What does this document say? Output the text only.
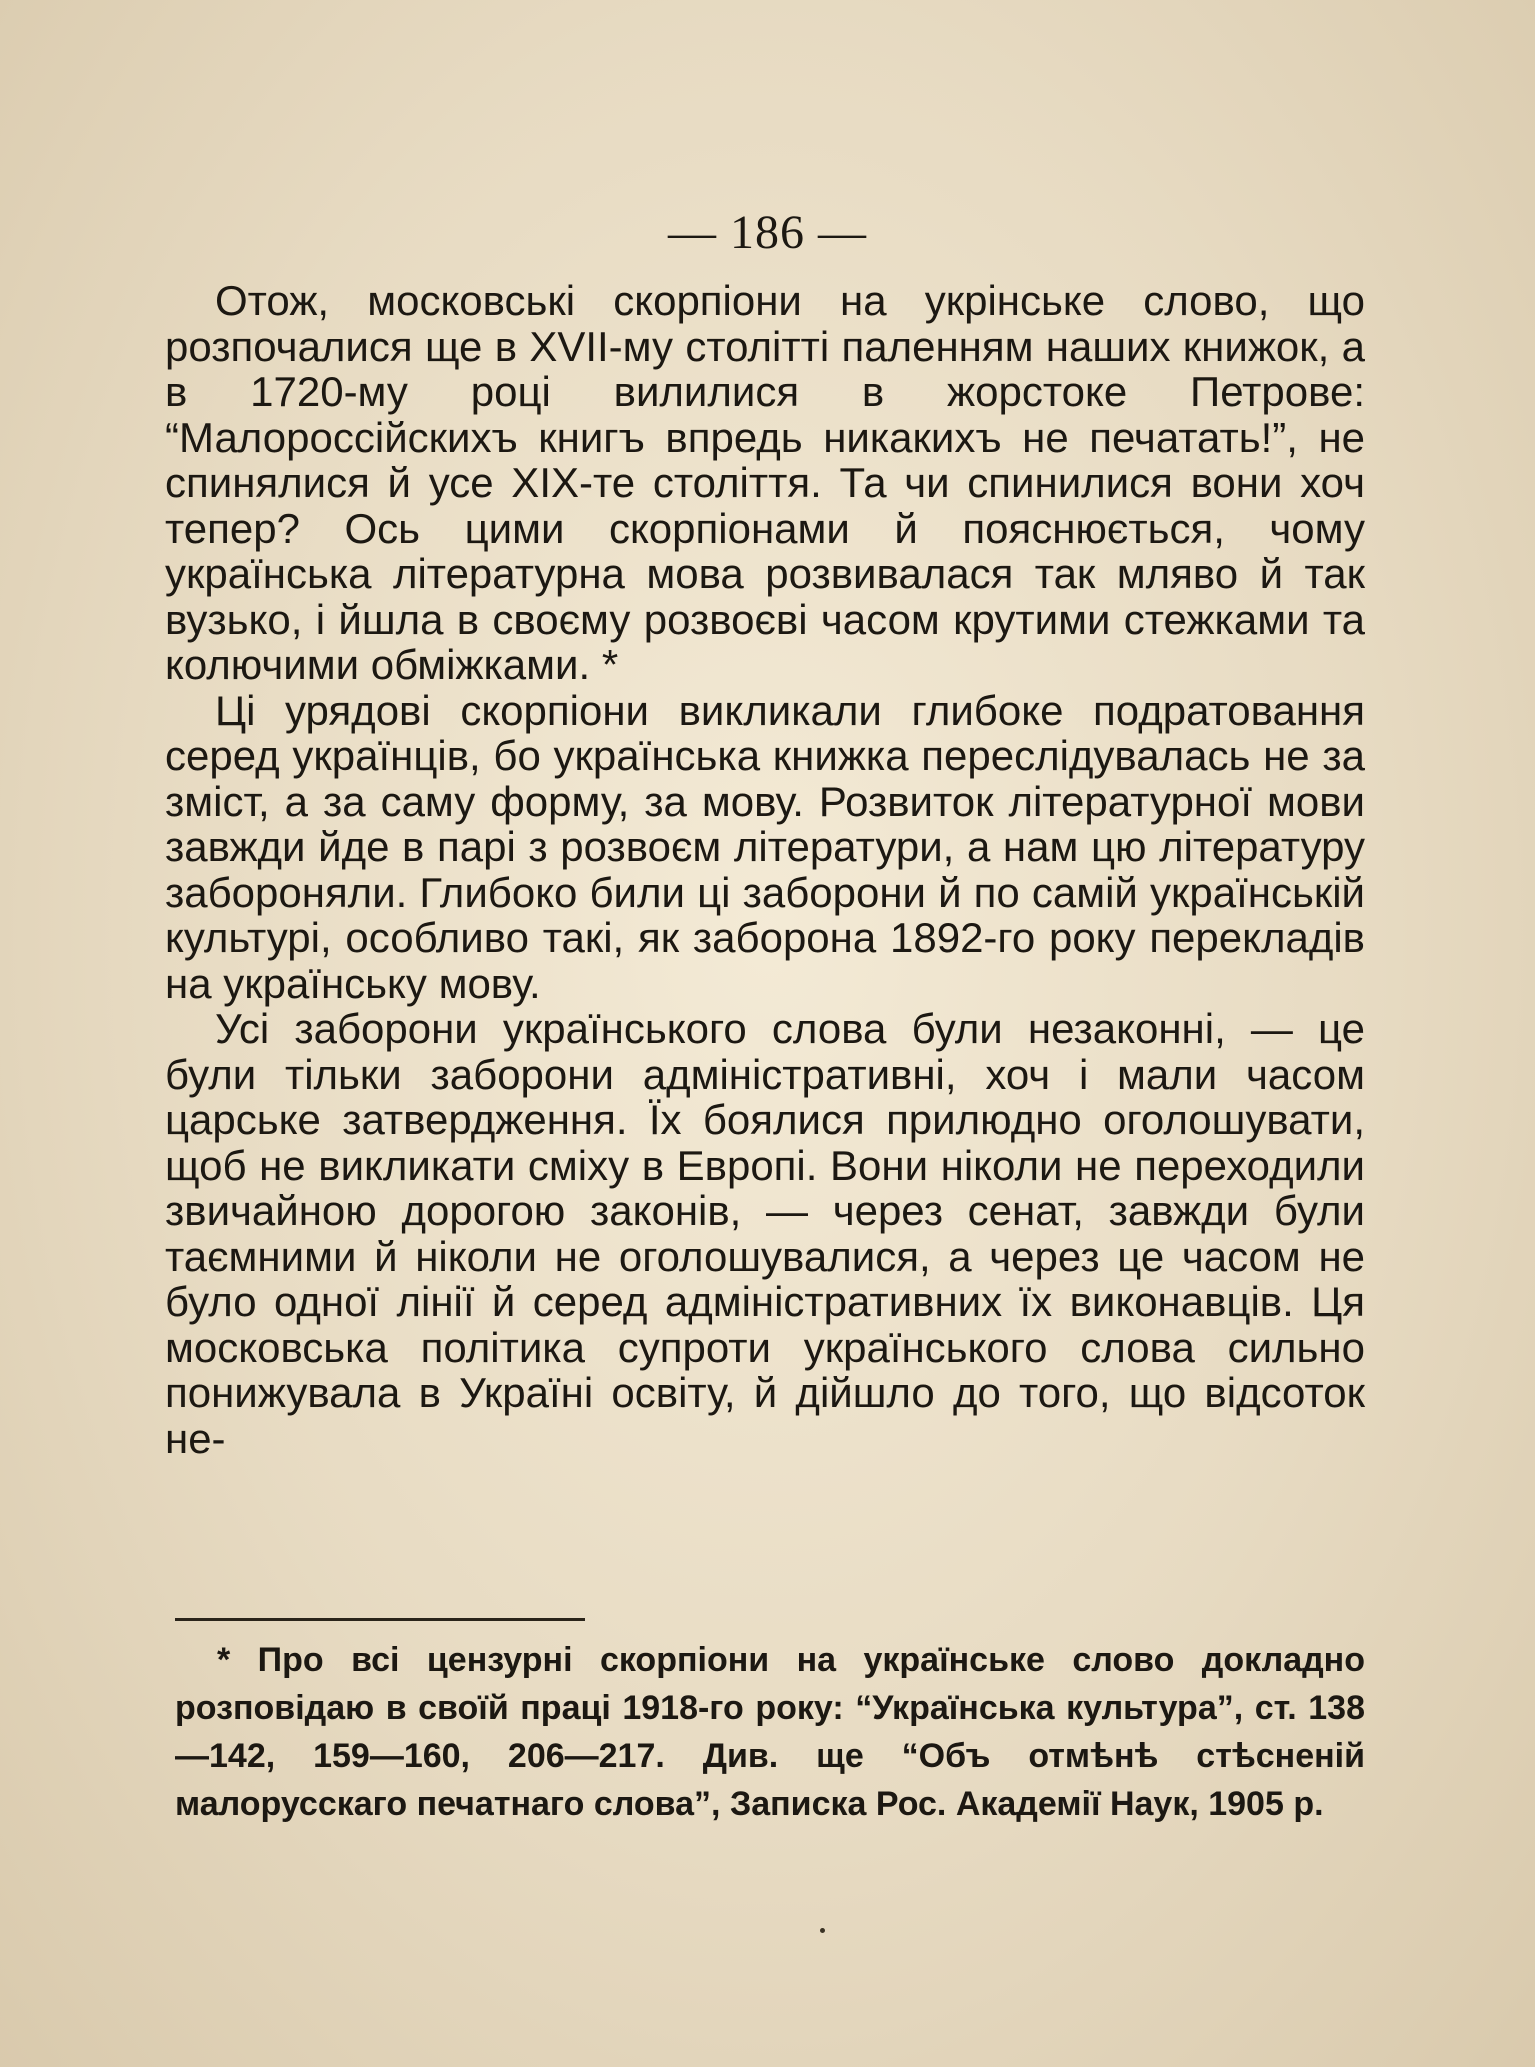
— 186 —

Отож, московські скорпіони на укрінське слово, що розпочалися ще в XVII-му столітті паленням наших книжок, а в 1720-му році вилилися в жорстоке Петрове: “Малороссійскихъ книгъ впредь никакихъ не печатать!”, не спинялися й усе XIX-те століття. Та чи спинилися вони хоч тепер? Ось цими скорпіонами й пояснюється, чому українська літературна мова розвивалася так мляво й так вузько, і йшла в своєму розвоєві часом крутими стежками та колючими обміжками. *

Ці урядові скорпіони викликали глибоке подратовання серед українців, бо українська книжка переслідувалась не за зміст, а за саму форму, за мову. Розвиток літературної мови завжди йде в парі з розвоєм літератури, а нам цю літературу забороняли. Глибоко били ці заборони й по самій українській культурі, особливо такі, як заборона 1892-го року перекладів на українську мову.

Усі заборони українського слова були незаконні, — це були тільки заборони адміністративні, хоч і мали часом царське затвердження. Їх боялися прилюдно оголошувати, щоб не викликати сміху в Европі. Вони ніколи не переходили звичайною дорогою законів, — через сенат, завжди були таємними й ніколи не оголошувалися, а через це часом не було одної лінії й серед адміністративних їх виконавців. Ця московська політика супроти українського слова сильно понижувала в Україні освіту, й дійшло до того, що відсоток не-

* Про всі цензурні скорпіони на українське слово докладно розповідаю в своїй праці 1918-го року: “Українська культура”, ст. 138—142, 159—160, 206—217. Див. ще “Объ отмѣнѣ стѣсненій малорусскаго печатнаго слова”, Записка Рос. Академії Наук, 1905 р.
